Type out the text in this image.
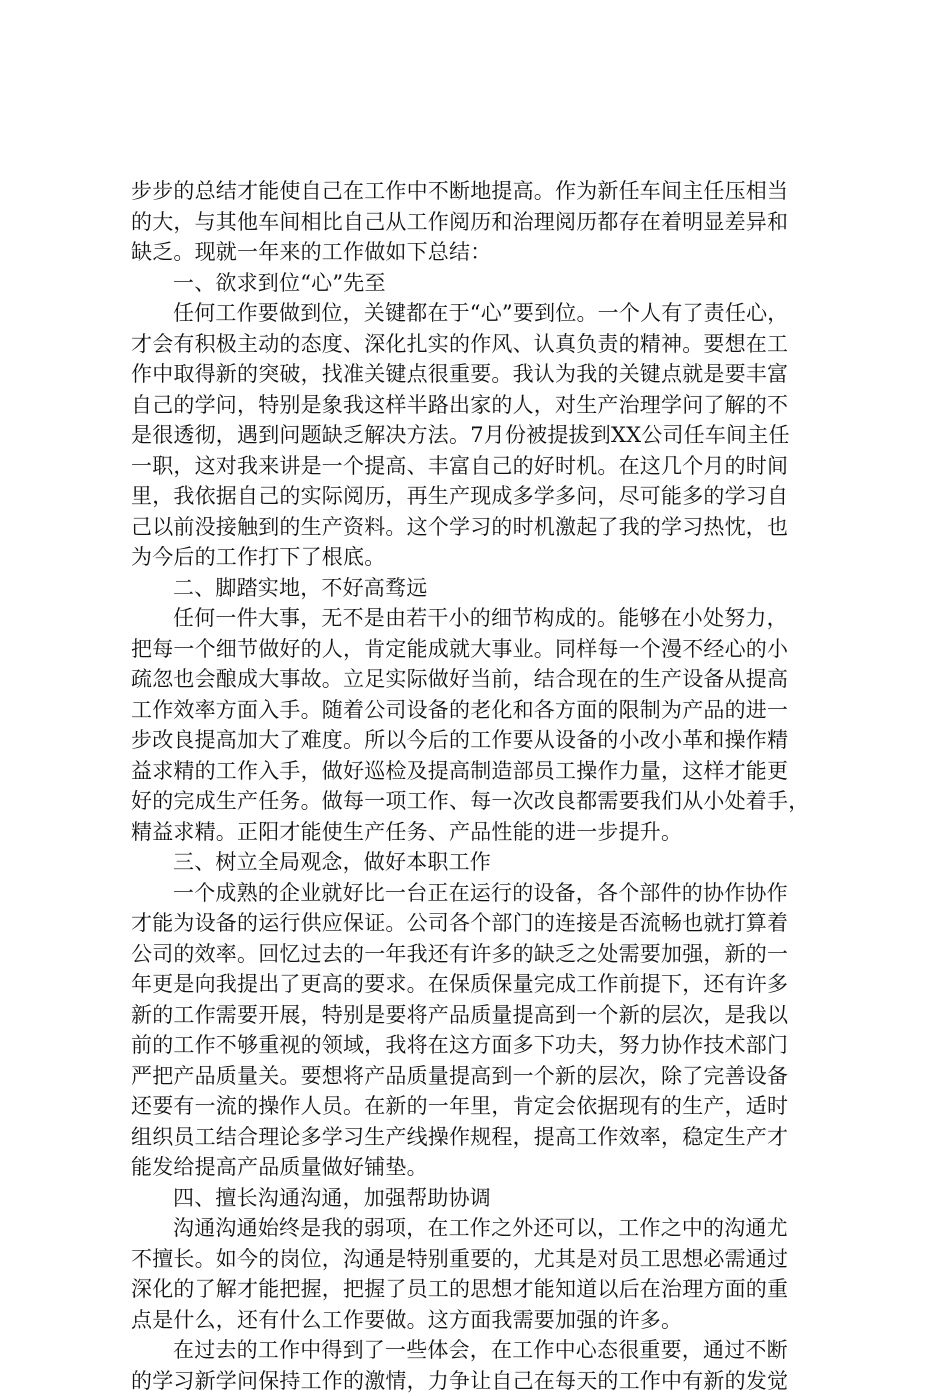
步步的总结才能使自己在工作中不断地提高。作为新任车间主任压相当
的大，与其他车间相比自己从工作阅历和治理阅历都存在着明显差异和
缺乏。现就一年来的工作做如下总结：
一、欲求到位“心”先至
任何工作要做到位，关键都在于“心”要到位。一个人有了责任心，
才会有积极主动的态度、深化扎实的作风、认真负责的精神。要想在工
作中取得新的突破，找准关键点很重要。我认为我的关键点就是要丰富
自己的学问，特别是象我这样半路出家的人，对生产治理学问了解的不
是很透彻，遇到问题缺乏解决方法。7月份被提拔到XX公司任车间主任
一职，这对我来讲是一个提高、丰富自己的好时机。在这几个月的时间
里，我依据自己的实际阅历，再生产现成多学多问，尽可能多的学习自
己以前没接触到的生产资料。这个学习的时机激起了我的学习热忱，也
为今后的工作打下了根底。
二、脚踏实地，不好高骛远
任何一件大事，无不是由若干小的细节构成的。能够在小处努力，
把每一个细节做好的人，肯定能成就大事业。同样每一个漫不经心的小
疏忽也会酿成大事故。立足实际做好当前，结合现在的生产设备从提高
工作效率方面入手。随着公司设备的老化和各方面的限制为产品的进一
步改良提高加大了难度。所以今后的工作要从设备的小改小革和操作精
益求精的工作入手，做好巡检及提高制造部员工操作力量，这样才能更
好的完成生产任务。做每一项工作、每一次改良都需要我们从小处着手，
精益求精。正阳才能使生产任务、产品性能的进一步提升。
三、树立全局观念，做好本职工作
一个成熟的企业就好比一台正在运行的设备，各个部件的协作协作
才能为设备的运行供应保证。公司各个部门的连接是否流畅也就打算着
公司的效率。回忆过去的一年我还有许多的缺乏之处需要加强，新的一
年更是向我提出了更高的要求。在保质保量完成工作前提下，还有许多
新的工作需要开展，特别是要将产品质量提高到一个新的层次，是我以
前的工作不够重视的领域，我将在这方面多下功夫，努力协作技术部门
严把产品质量关。要想将产品质量提高到一个新的层次，除了完善设备
还要有一流的操作人员。在新的一年里，肯定会依据现有的生产，适时
组织员工结合理论多学习生产线操作规程，提高工作效率，稳定生产才
能发给提高产品质量做好铺垫。
四、擅长沟通沟通，加强帮助协调
沟通沟通始终是我的弱项，在工作之外还可以，工作之中的沟通尤
不擅长。如今的岗位，沟通是特别重要的，尤其是对员工思想必需通过
深化的了解才能把握，把握了员工的思想才能知道以后在治理方面的重
点是什么，还有什么工作要做。这方面我需要加强的许多。
在过去的工作中得到了一些体会，在工作中心态很重要，通过不断
的学习新学问保持工作的激情，力争让自己在每天的工作中有新的发觉
